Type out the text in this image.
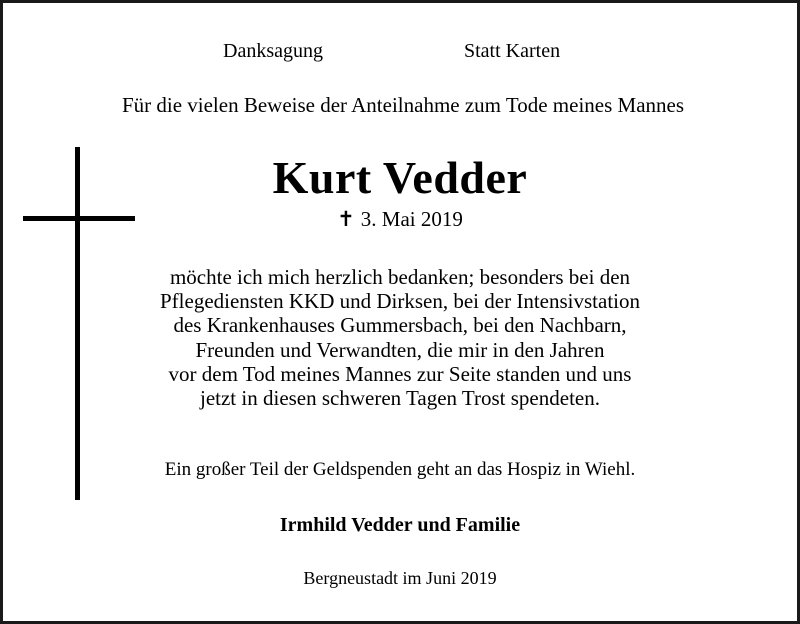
Danksagung	Statt Karten
Für die vielen Beweise der Anteilnahme zum Tode meines Mannes
Kurt Vedder
✝ 3. Mai 2019
möchte ich mich herzlich bedanken; besonders bei den
Pflegediensten KKD und Dirksen, bei der Intensivstation
des Krankenhauses Gummersbach, bei den Nachbarn,
Freunden und Verwandten, die mir in den Jahren
vor dem Tod meines Mannes zur Seite standen und uns
jetzt in diesen schweren Tagen Trost spendeten.
Ein großer Teil der Geldspenden geht an das Hospiz in Wiehl.
Irmhild Vedder und Familie
Bergneustadt im Juni 2019
